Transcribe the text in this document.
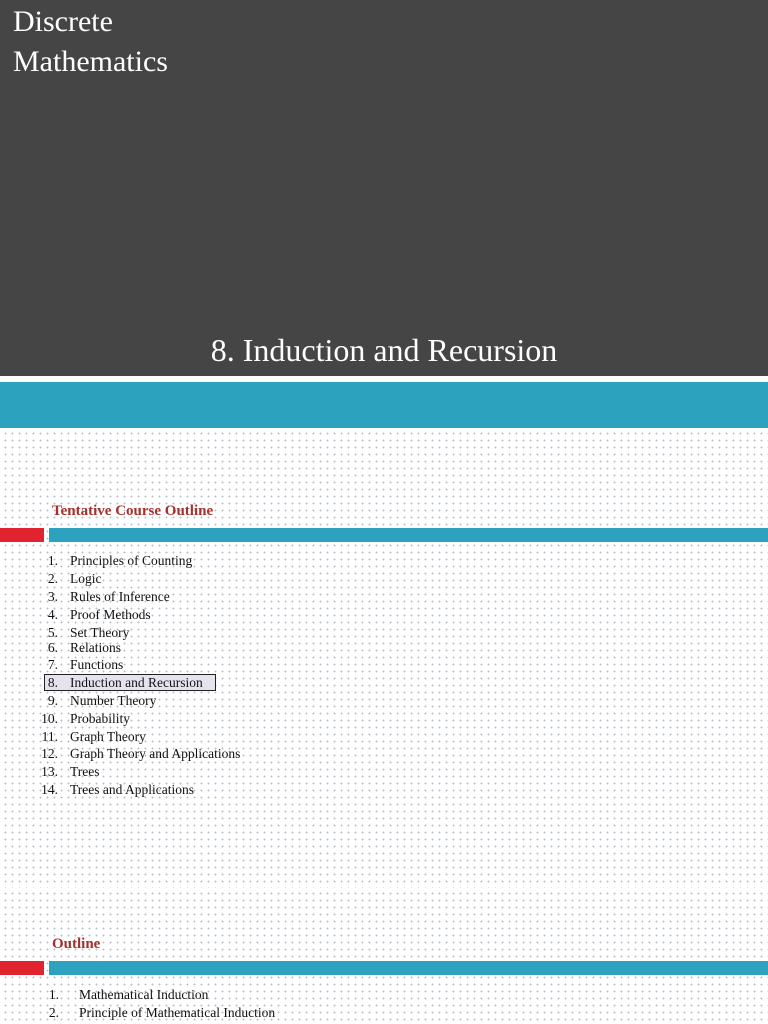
Discrete Mathematics
8. Induction and Recursion
Tentative Course Outline
1. Principles of Counting
2. Logic
3. Rules of Inference
4. Proof Methods
5. Set Theory
6. Relations
7. Functions
8. Induction and Recursion
9. Number Theory
10. Probability
11. Graph Theory
12. Graph Theory and Applications
13. Trees
14. Trees and Applications
Outline
1. Mathematical Induction
2. Principle of Mathematical Induction
